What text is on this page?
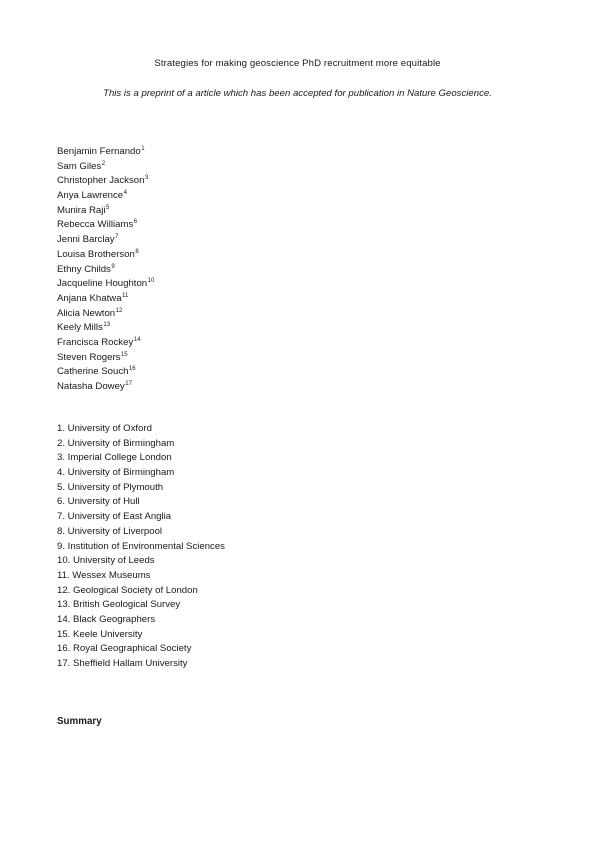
Strategies for making geoscience PhD recruitment more equitable
This is a preprint of a article which has been accepted for publication in Nature Geoscience.
Benjamin Fernando$^1$
Sam Giles$^2$
Christopher Jackson$^3$
Anya Lawrence$^4$
Munira Raji$^5$
Rebecca Williams$^6$
Jenni Barclay$^7$
Louisa Brotherson$^8$
Ethny Childs$^9$
Jacqueline Houghton$^{10}$
Anjana Khatwa$^{11}$
Alicia Newton$^{12}$
Keely Mills$^{13}$
Francisca Rockey$^{14}$
Steven Rogers$^{15}$
Catherine Souch$^{16}$
Natasha Dowey$^{17}$
1. University of Oxford
2. University of Birmingham
3. Imperial College London
4. University of Birmingham
5. University of Plymouth
6. University of Hull
7. University of East Anglia
8. University of Liverpool
9. Institution of Environmental Sciences
10. University of Leeds
11. Wessex Museums
12. Geological Society of London
13. British Geological Survey
14. Black Geographers
15. Keele University
16. Royal Geographical Society
17. Sheffield Hallam University
Summary
